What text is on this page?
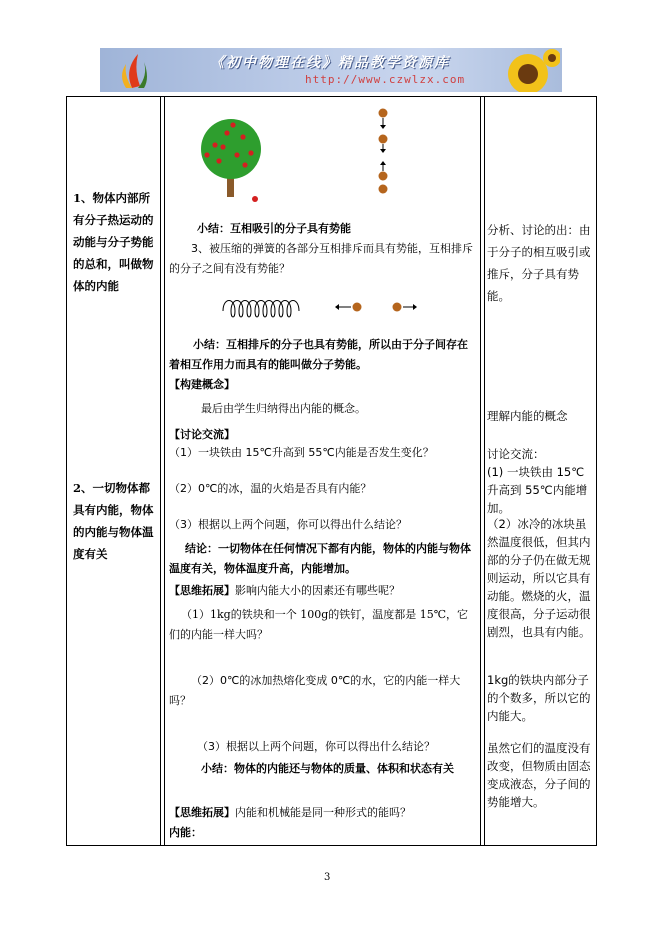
《初中物理在线》精品教学资源库
http://www.czwlzx.com
1、物体内部所有分子热运动的动能与分子势能的总和，叫做物体的内能
2、一切物体都具有内能，物体的内能与物体温度有关
小结：互相吸引的分子具有势能
3、被压缩的弹簧的各部分互相排斥而具有势能，互相排斥的分子之间有没有势能？
小结：互相排斥的分子也具有势能，所以由于分子间存在着相互作用力而具有的能叫做分子势能。
【构建概念】
最后由学生归纳得出内能的概念。
【讨论交流】
（1）一块铁由 15℃升高到 55℃内能是否发生变化？
（2）0℃的冰，温的火焰是否具有内能？
（3）根据以上两个问题，你可以得出什么结论？
结论：一切物体在任何情况下都有内能，物体的内能与物体温度有关，物体温度升高，内能增加。
【思维拓展】影响内能大小的因素还有哪些呢？
（1）1kg的铁块和一个 100g的铁钉，温度都是 15℃，它们的内能一样大吗？
（2）0℃的冰加热熔化变成 0℃的水，它的内能一样大吗？
（3）根据以上两个问题，你可以得出什么结论？
小结：物体的内能还与物体的质量、体积和状态有关
【思维拓展】内能和机械能是同一种形式的能吗？
内能：
分析、讨论的出：由于分子的相互吸引或推斥，分子具有势能。
理解内能的概念
讨论交流：
(1) 一块铁由 15℃升高到 55℃内能增加。
（2）冰冷的冰块虽然温度很低，但其内部的分子仍在做无规则运动，所以它具有动能。燃烧的火，温度很高，分子运动很剧烈，也具有内能。
1kg的铁块内部分子的个数多，所以它的内能大。
虽然它们的温度没有改变，但物质由固态变成液态，分子间的势能增大。
3
